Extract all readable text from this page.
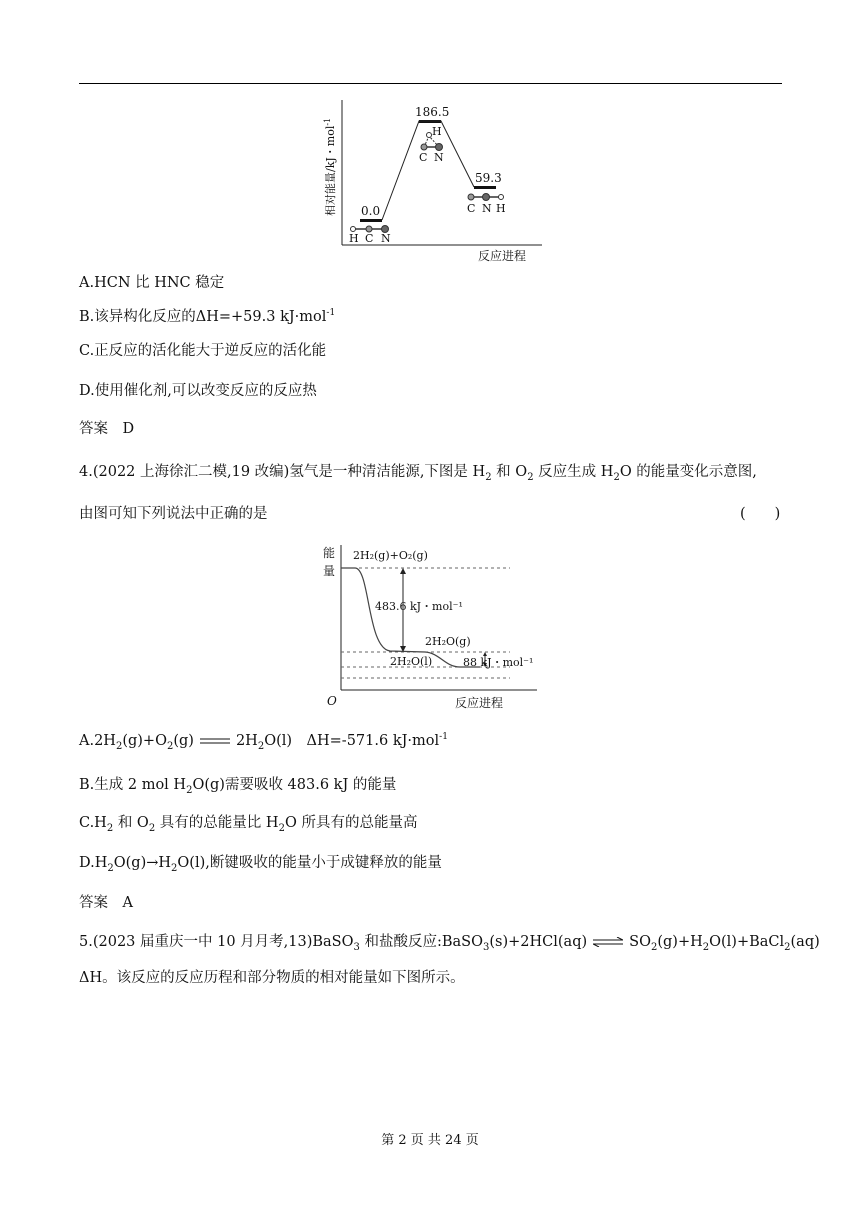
相对能量/kJ・mol$^{-1}$
反应进程
0.0
186.5
59.3
H C N
H
C N
C N H
A.HCN 比 HNC 稳定
B.该异构化反应的ΔH=+59.3 kJ·mol$^{-1}$
C.正反应的活化能大于逆反应的活化能
D.使用催化剂,可以改变反应的反应热
答案　D
4.(2022 上海徐汇二模,19 改编)氢气是一种清洁能源,下图是 $H_2$ 和 $O_2$ 反应生成 $H_2O$ 的能量变化示意图,
由图可知下列说法中正确的是	(　　)
能
量
O	反应进程
2H₂(g)+O₂(g)
483.6 kJ・mol⁻¹
2H₂O(g)
2H₂O(l)	88 kJ・mol⁻¹
$A.2H_2(g)+O_2(g)$	$2H_2O(l)$　ΔH=-571.6 kJ·mol$^{-1}$
B.生成 2 mol $H_2O(g)$需要吸收 483.6 kJ 的能量
$C.H_2$ 和 $O_2$ 具有的总能量比 $H_2O$ 所具有的总能量高
$D.H_2O(g)\to H_2O(l)$,断键吸收的能量小于成键释放的能量
答案　A
5.(2023 届重庆一中 10 月月考,13)BaSO$_3$ 和盐酸反应:BaSO$_3$(s)+2HCl(aq) ⇌ $SO_2(g)+H_2O(l)+BaCl_2(aq)$
ΔH。该反应的反应历程和部分物质的相对能量如下图所示。
第 2 页 共 24 页
